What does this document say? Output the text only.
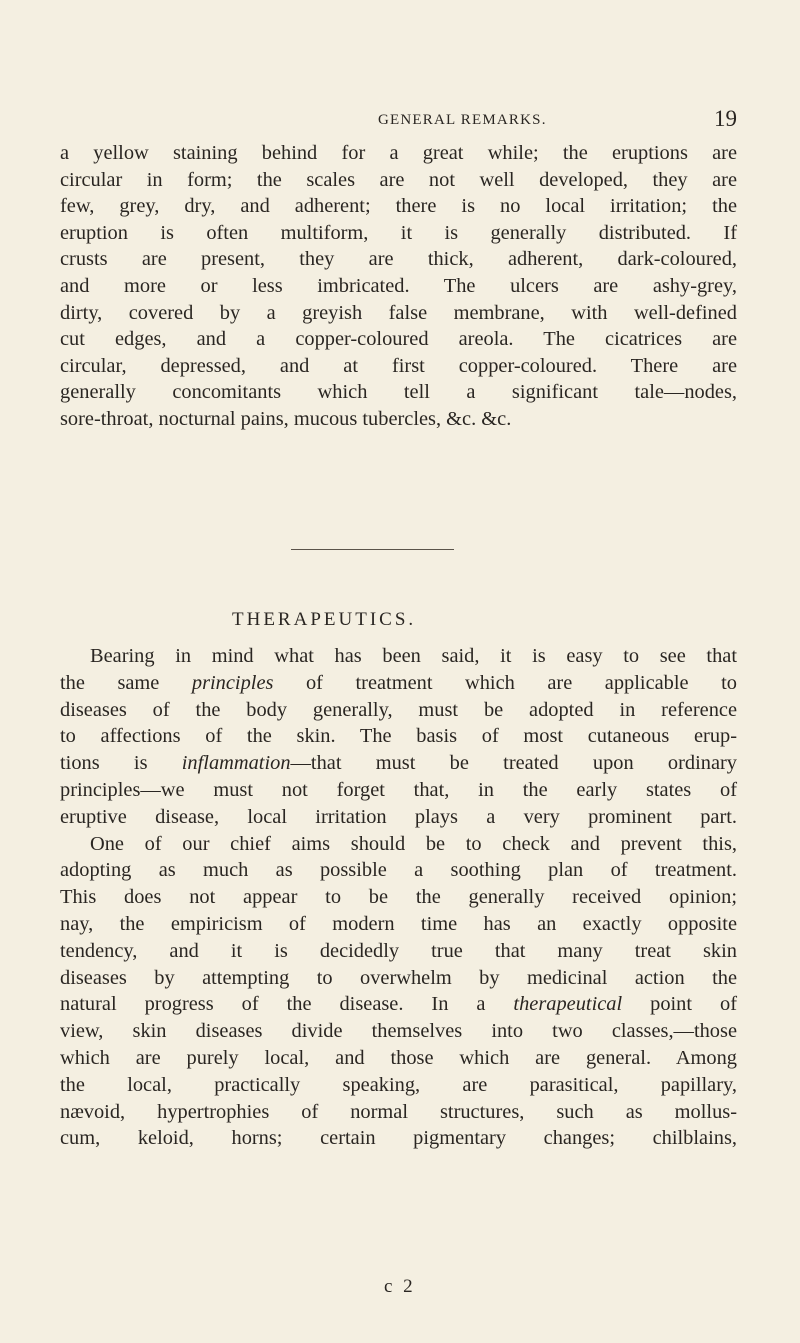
GENERAL REMARKS.	19
a yellow staining behind for a great while; the eruptions are
circular in form; the scales are not well developed, they are
few, grey, dry, and adherent; there is no local irritation; the
eruption is often multiform, it is generally distributed. If
crusts are present, they are thick, adherent, dark-coloured,
and more or less imbricated. The ulcers are ashy-grey,
dirty, covered by a greyish false membrane, with well-defined
cut edges, and a copper-coloured areola. The cicatrices are
circular, depressed, and at first copper-coloured. There are
generally concomitants which tell a significant tale—nodes,
sore-throat, nocturnal pains, mucous tubercles, &c. &c.
THERAPEUTICS.
Bearing in mind what has been said, it is easy to see that
the same principles of treatment which are applicable to
diseases of the body generally, must be adopted in reference
to affections of the skin. The basis of most cutaneous erup-
tions is inflammation—that must be treated upon ordinary
principles—we must not forget that, in the early states of
eruptive disease, local irritation plays a very prominent part.
One of our chief aims should be to check and prevent this,
adopting as much as possible a soothing plan of treatment.
This does not appear to be the generally received opinion;
nay, the empiricism of modern time has an exactly opposite
tendency, and it is decidedly true that many treat skin
diseases by attempting to overwhelm by medicinal action the
natural progress of the disease. In a therapeutical point of
view, skin diseases divide themselves into two classes,—those
which are purely local, and those which are general. Among
the local, practically speaking, are parasitical, papillary,
nævoid, hypertrophies of normal structures, such as mollus-
cum, keloid, horns; certain pigmentary changes; chilblains,
c 2
